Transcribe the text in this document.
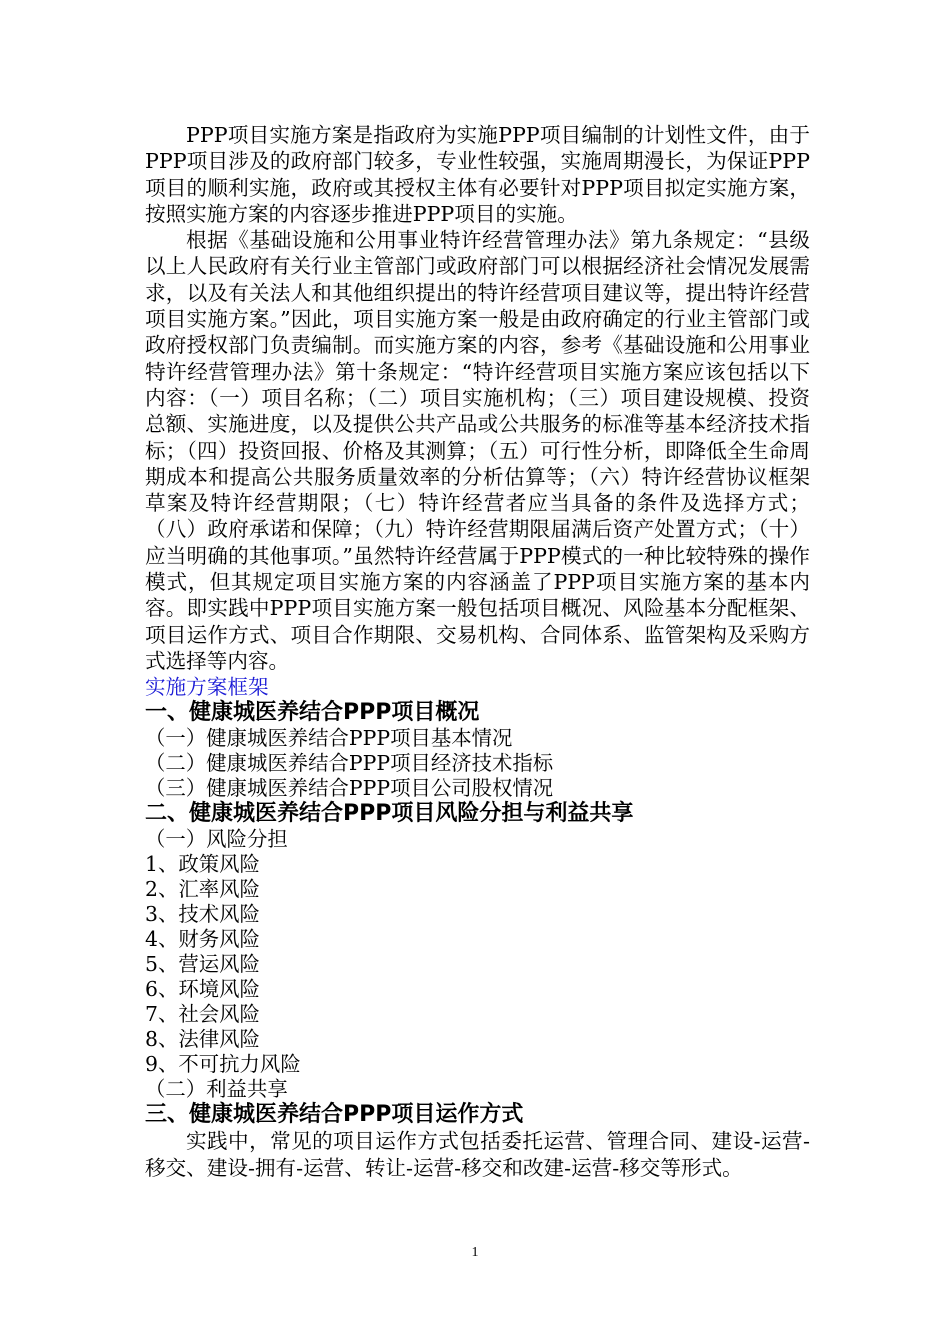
PPP项目实施方案是指政府为实施PPP项目编制的计划性文件，由于PPP项目涉及的政府部门较多，专业性较强，实施周期漫长，为保证PPP项目的顺利实施，政府或其授权主体有必要针对PPP项目拟定实施方案，按照实施方案的内容逐步推进PPP项目的实施。

根据《基础设施和公用事业特许经营管理办法》第九条规定：“县级以上人民政府有关行业主管部门或政府部门可以根据经济社会情况发展需求，以及有关法人和其他组织提出的特许经营项目建议等，提出特许经营项目实施方案。”因此，项目实施方案一般是由政府确定的行业主管部门或政府授权部门负责编制。而实施方案的内容，参考《基础设施和公用事业特许经营管理办法》第十条规定：“特许经营项目实施方案应该包括以下内容：（一）项目名称；（二）项目实施机构；（三）项目建设规模、投资总额、实施进度，以及提供公共产品或公共服务的标准等基本经济技术指标；（四）投资回报、价格及其测算；（五）可行性分析，即降低全生命周期成本和提高公共服务质量效率的分析估算等；（六）特许经营协议框架草案及特许经营期限；（七）特许经营者应当具备的条件及选择方式；（八）政府承诺和保障；（九）特许经营期限届满后资产处置方式；（十）应当明确的其他事项。”虽然特许经营属于PPP模式的一种比较特殊的操作模式，但其规定项目实施方案的内容涵盖了PPP项目实施方案的基本内容。即实践中PPP项目实施方案一般包括项目概况、风险基本分配框架、项目运作方式、项目合作期限、交易机构、合同体系、监管架构及采购方式选择等内容。

实施方案框架

一、健康城医养结合PPP项目概况

（一）健康城医养结合PPP项目基本情况

（二）健康城医养结合PPP项目经济技术指标

（三）健康城医养结合PPP项目公司股权情况

二、健康城医养结合PPP项目风险分担与利益共享

（一）风险分担

1、政策风险

2、汇率风险

3、技术风险

4、财务风险

5、营运风险

6、环境风险

7、社会风险

8、法律风险

9、不可抗力风险

（二）利益共享

三、健康城医养结合PPP项目运作方式

实践中，常见的项目运作方式包括委托运营、管理合同、建设-运营-移交、建设-拥有-运营、转让-运营-移交和改建-运营-移交等形式。

1
